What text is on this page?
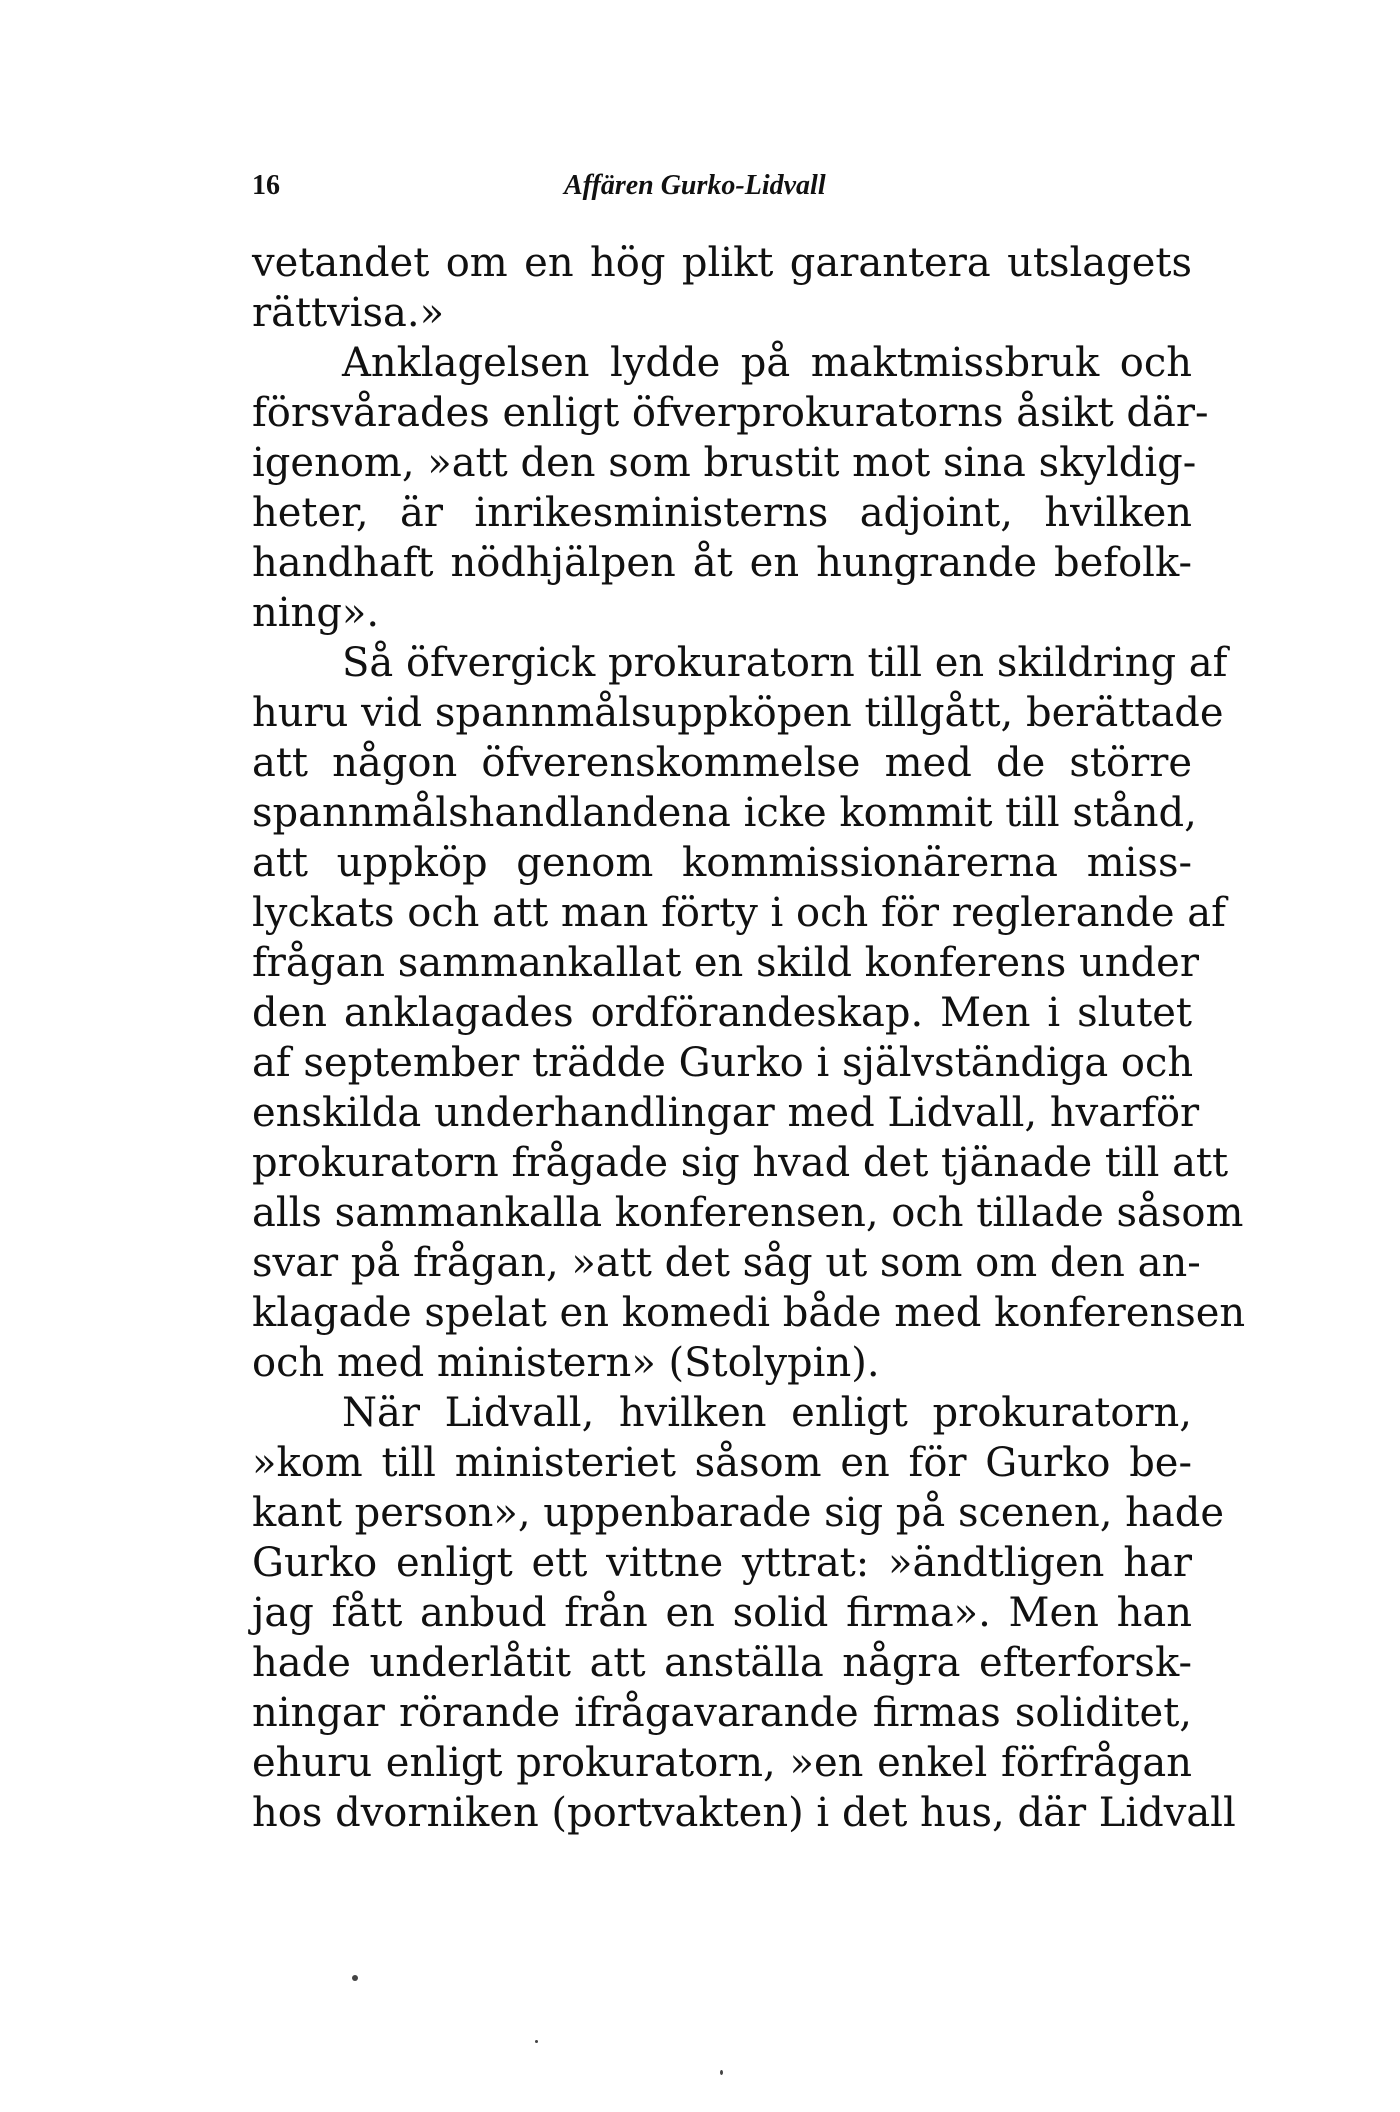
16	Affären Gurko-Lidvall
vetandet om en hög plikt garantera utslagets
rättvisa.»
Anklagelsen lydde på maktmissbruk och
försvårades enligt öfverprokuratorns åsikt där-
igenom, »att den som brustit mot sina skyldig-
heter, är inrikesministerns adjoint, hvilken
handhaft nödhjälpen åt en hungrande befolk-
ning».
Så öfvergick prokuratorn till en skildring af
huru vid spannmålsuppköpen tillgått, berättade
att någon öfverenskommelse med de större
spannmålshandlandena icke kommit till stånd,
att uppköp genom kommissionärerna miss-
lyckats och att man förty i och för reglerande af
frågan sammankallat en skild konferens under
den anklagades ordförandeskap. Men i slutet
af september trädde Gurko i självständiga och
enskilda underhandlingar med Lidvall, hvarför
prokuratorn frågade sig hvad det tjänade till att
alls sammankalla konferensen, och tillade såsom
svar på frågan, »att det såg ut som om den an-
klagade spelat en komedi både med konferensen
och med ministern» (Stolypin).
När Lidvall, hvilken enligt prokuratorn,
»kom till ministeriet såsom en för Gurko be-
kant person», uppenbarade sig på scenen, hade
Gurko enligt ett vittne yttrat: »ändtligen har
jag fått anbud från en solid firma». Men han
hade underlåtit att anställa några efterforsk-
ningar rörande ifrågavarande firmas soliditet,
ehuru enligt prokuratorn, »en enkel förfrågan
hos dvorniken (portvakten) i det hus, där Lidvall
